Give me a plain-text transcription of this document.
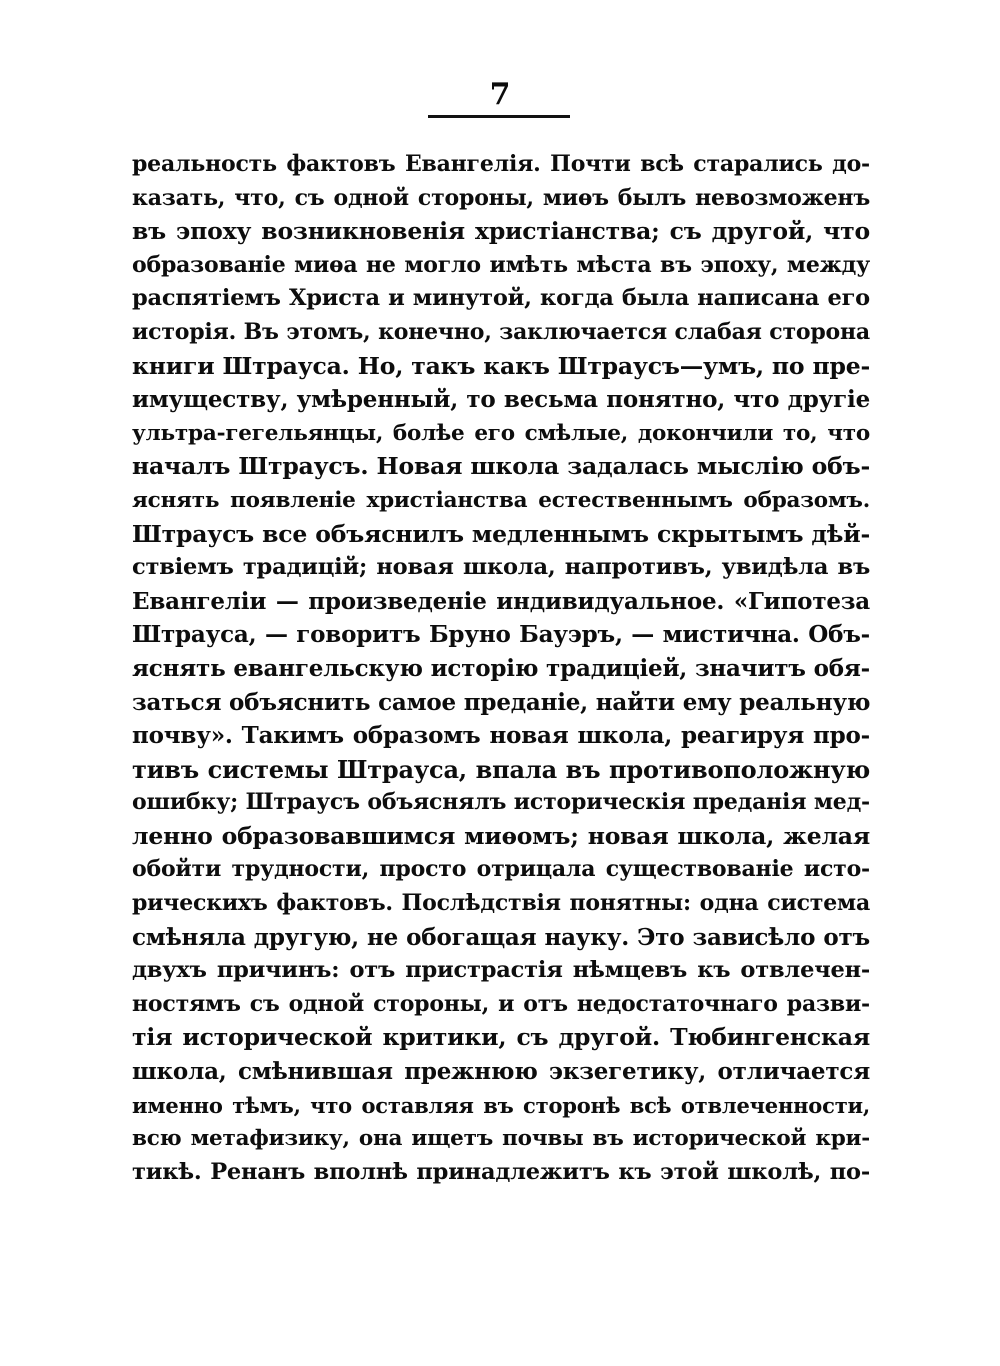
7
реальность фактовъ Евангелія. Почти всѣ старались до-
казать, что, съ одной стороны, миѳъ былъ невозможенъ
въ эпоху возникновенія христіанства; съ другой, что
образованіе миѳа не могло имѣть мѣста въ эпоху, между
распятіемъ Христа и минутой, когда была написана его
исторія. Въ этомъ, конечно, заключается слабая сторона
книги Штрауса. Но, такъ какъ Штраусъ—умъ, по пре-
имуществу, умѣренный, то весьма понятно, что другіе
ультра-гегельянцы, болѣе его смѣлые, докончили то, что
началъ Штраусъ. Новая школа задалась мыслію объ-
яснять появленіе христіанства естественнымъ образомъ.
Штраусъ все объяснилъ медленнымъ скрытымъ дѣй-
ствіемъ традицій; новая школа, напротивъ, увидѣла въ
Евангеліи — произведеніе индивидуальное. «Гипотеза
Штрауса, — говоритъ Бруно Бауэръ, — мистична. Объ-
яснять евангельскую исторію традиціей, значитъ обя-
заться объяснить самое преданіе, найти ему реальную
почву». Такимъ образомъ новая школа, реагируя про-
тивъ системы Штрауса, впала въ противоположную
ошибку; Штраусъ объяснялъ историческія преданія мед-
ленно образовавшимся миѳомъ; новая школа, желая
обойти трудности, просто отрицала существованіе исто-
рическихъ фактовъ. Послѣдствія понятны: одна система
смѣняла другую, не обогащая науку. Это зависѣло отъ
двухъ причинъ: отъ пристрастія нѣмцевъ къ отвлечен-
ностямъ съ одной стороны, и отъ недостаточнаго разви-
тія исторической критики, съ другой. Тюбингенская
школа, смѣнившая прежнюю экзегетику, отличается
именно тѣмъ, что оставляя въ сторонѣ всѣ отвлеченности,
всю метафизику, она ищетъ почвы въ исторической кри-
тикѣ. Ренанъ вполнѣ принадлежитъ къ этой школѣ, по-
